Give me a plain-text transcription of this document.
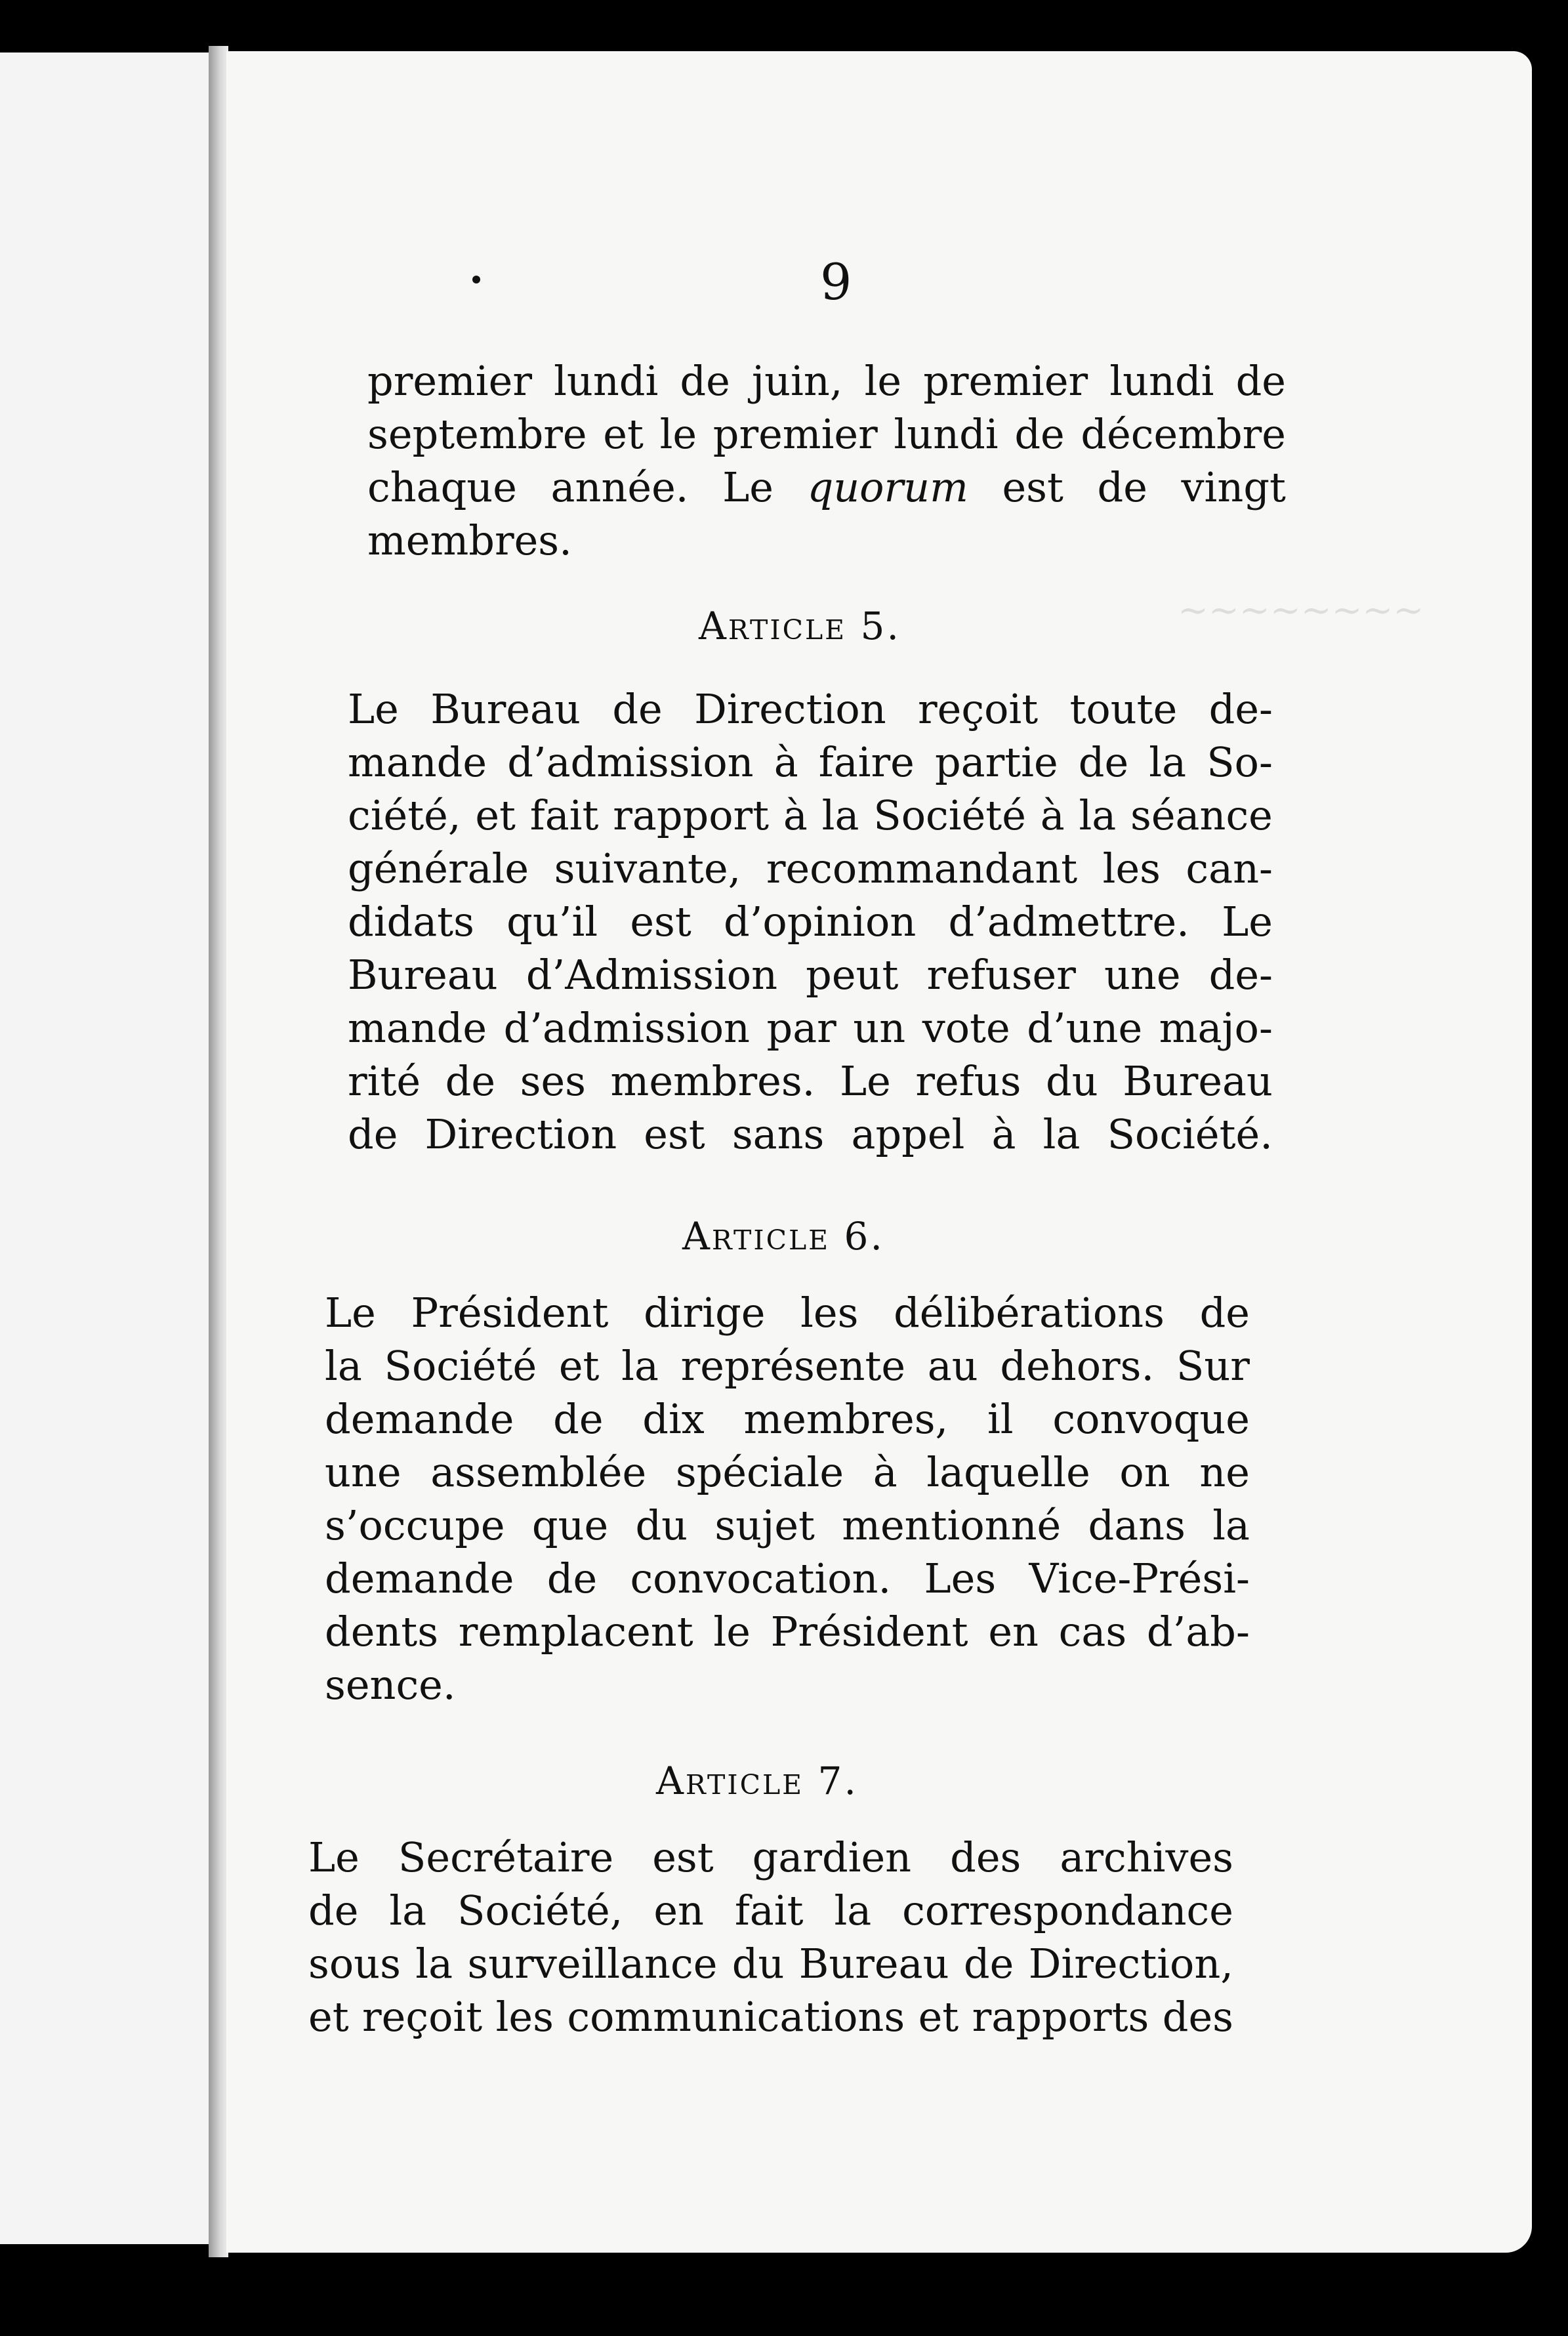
~~~~~~~~
9
premier lundi de juin, le premier lundi de
septembre et le premier lundi de décembre
chaque année. Le quorum est de vingt
membres.
Article 5.
Le Bureau de Direction reçoit toute de-
mande d’admission à faire partie de la So-
ciété, et fait rapport à la Société à la séance
générale suivante, recommandant les can-
didats qu’il est d’opinion d’admettre. Le
Bureau d’Admission peut refuser une de-
mande d’admission par un vote d’une majo-
rité de ses membres. Le refus du Bureau
de Direction est sans appel à la Société.
Article 6.
Le Président dirige les délibérations de
la Société et la représente au dehors. Sur
demande de dix membres, il convoque
une assemblée spéciale à laquelle on ne
s’occupe que du sujet mentionné dans la
demande de convocation. Les Vice-Prési-
dents remplacent le Président en cas d’ab-
sence.
Article 7.
Le Secrétaire est gardien des archives
de la Société, en fait la correspondance
sous la surveillance du Bureau de Direction,
et reçoit les communications et rapports des
